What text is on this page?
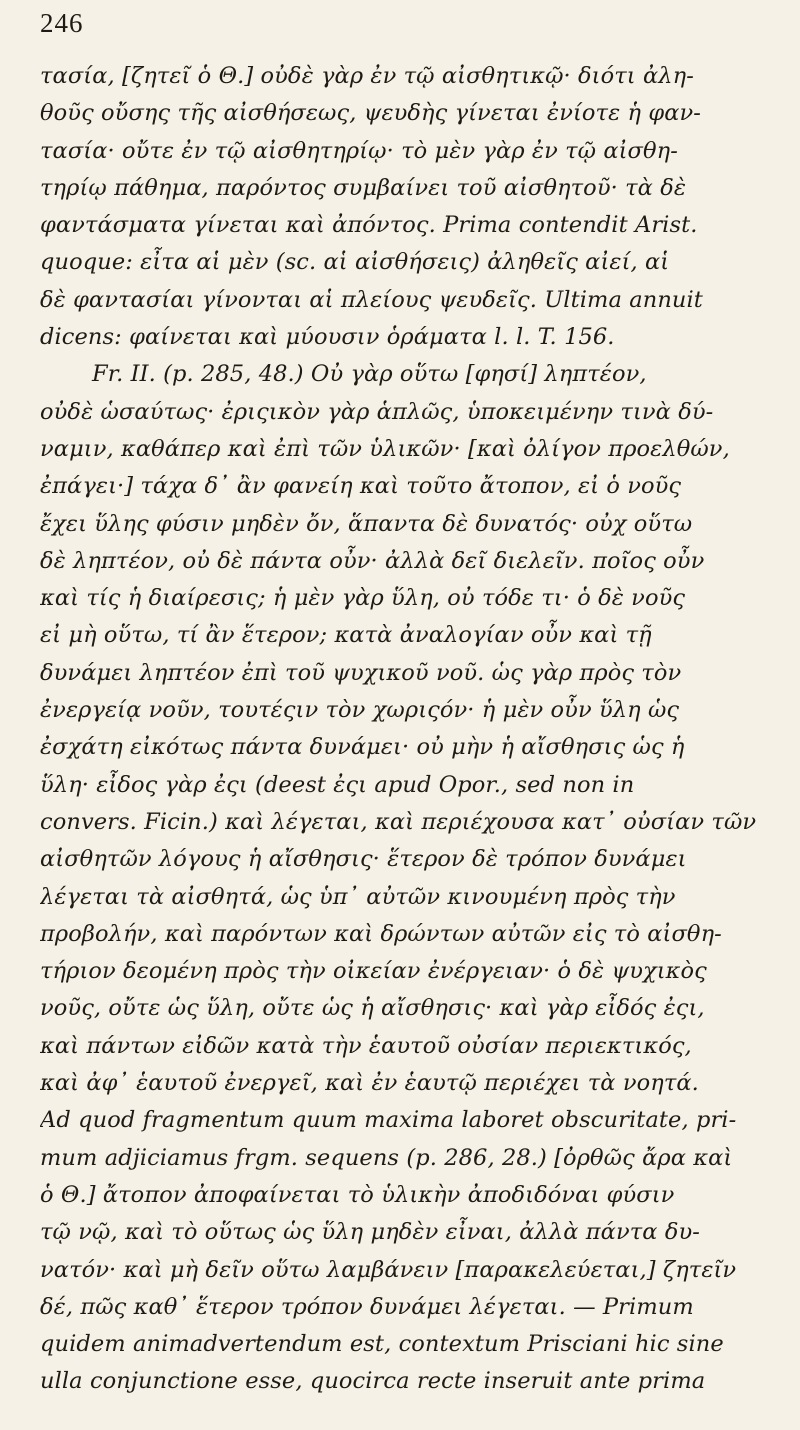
246
τασία, [ζητεῖ ὁ Θ.] οὐδὲ γὰρ ἐν τῷ αἰσθητικῷ· διότι ἀλη-
θοῦς οὔσης τῆς αἰσθήσεως, ψευδὴς γίνεται ἐνίοτε ἡ φαν-
τασία· οὔτε ἐν τῷ αἰσθητηρίῳ· τὸ μὲν γὰρ ἐν τῷ αἰσθη-
τηρίῳ πάθημα, παρόντος συμβαίνει τοῦ αἰσθητοῦ· τὰ δὲ
φαντάσματα γίνεται καὶ ἀπόντος. Prima contendit Arist.
quoque: εἶτα αἱ μὲν (sc. αἱ αἰσθήσεις) ἀληθεῖς αἰεί, αἱ
δὲ φαντασίαι γίνονται αἱ πλείους ψευδεῖς. Ultima annuit
dicens: φαίνεται καὶ μύουσιν ὁράματα l. l. T. 156.
Fr. II. (p. 285, 48.) Οὐ γὰρ οὕτω [φησί] ληπτέον,
οὐδὲ ὡσαύτως· ἐριςικὸν γὰρ ἁπλῶς, ὑποκειμένην τινὰ δύ-
ναμιν, καθάπερ καὶ ἐπὶ τῶν ὑλικῶν· [καὶ ὀλίγον προελθών,
ἐπάγει·] τάχα δ᾽ ἂν φανείη καὶ τοῦτο ἄτοπον, εἰ ὁ νοῦς
ἔχει ὕλης φύσιν μηδὲν ὄν, ἅπαντα δὲ δυνατός· οὐχ οὕτω
δὲ ληπτέον, οὐ δὲ πάντα οὖν· ἀλλὰ δεῖ διελεῖν. ποῖος οὖν
καὶ τίς ἡ διαίρεσις; ἡ μὲν γὰρ ὕλη, οὐ τόδε τι· ὁ δὲ νοῦς
εἰ μὴ οὕτω, τί ἂν ἕτερον; κατὰ ἀναλογίαν οὖν καὶ τῇ
δυνάμει ληπτέον ἐπὶ τοῦ ψυχικοῦ νοῦ. ὡς γὰρ πρὸς τὸν
ἐνεργείᾳ νοῦν, τουτέςιν τὸν χωριςόν· ἡ μὲν οὖν ὕλη ὡς
ἐσχάτη εἰκότως πάντα δυνάμει· οὐ μὴν ἡ αἴσθησις ὡς ἡ
ὕλη· εἶδος γὰρ ἐςι (deest ἐςι apud Opor., sed non in
convers. Ficin.) καὶ λέγεται, καὶ περιέχουσα κατ᾽ οὐσίαν τῶν
αἰσθητῶν λόγους ἡ αἴσθησις· ἕτερον δὲ τρόπον δυνάμει
λέγεται τὰ αἰσθητά, ὡς ὑπ᾽ αὐτῶν κινουμένη πρὸς τὴν
προβολήν, καὶ παρόντων καὶ δρώντων αὐτῶν εἰς τὸ αἰσθη-
τήριον δεομένη πρὸς τὴν οἰκείαν ἐνέργειαν· ὁ δὲ ψυχικὸς
νοῦς, οὔτε ὡς ὕλη, οὔτε ὡς ἡ αἴσθησις· καὶ γὰρ εἶδός ἐςι,
καὶ πάντων εἰδῶν κατὰ τὴν ἑαυτοῦ οὐσίαν περιεκτικός,
καὶ ἀφ᾽ ἑαυτοῦ ἐνεργεῖ, καὶ ἐν ἑαυτῷ περιέχει τὰ νοητά.
Ad quod fragmentum quum maxima laboret obscuritate, pri-
mum adjiciamus frgm. sequens (p. 286, 28.) [ὀρθῶς ἄρα καὶ
ὁ Θ.] ἄτοπον ἀποφαίνεται τὸ ὑλικὴν ἀποδιδόναι φύσιν
τῷ νῷ, καὶ τὸ οὕτως ὡς ὕλη μηδὲν εἶναι, ἀλλὰ πάντα δυ-
νατόν· καὶ μὴ δεῖν οὕτω λαμβάνειν [παρακελεύεται,] ζητεῖν
δέ, πῶς καθ᾽ ἕτερον τρόπον δυνάμει λέγεται. — Primum
quidem animadvertendum est, contextum Prisciani hic sine
ulla conjunctione esse, quocirca recte inseruit ante prima
